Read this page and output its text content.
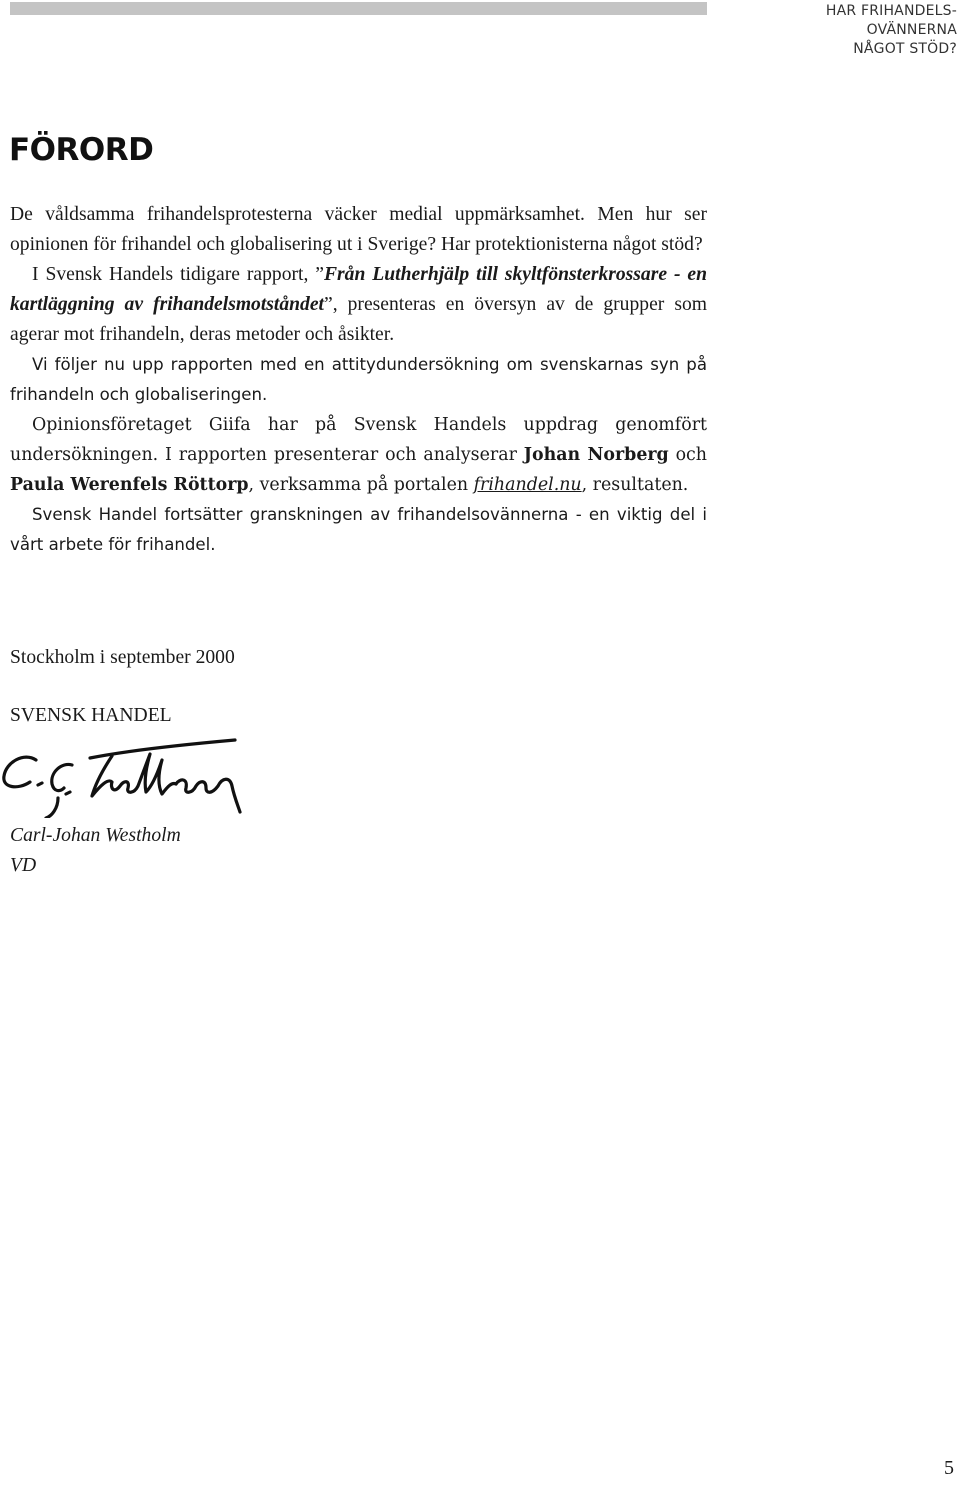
HAR FRIHANDELS-
OVÄNNERNA
NÅGOT STÖD?
FÖRORD

De våldsamma frihandelsprotesterna väcker medial uppmärksamhet. Men hur ser opinionen för frihandel och globalisering ut i Sverige? Har protektionisterna något stöd?

I Svensk Handels tidigare rapport, ”Från Lutherhjälp till skyltfönsterkrossare - en kartläggning av frihandelsmotståndet”, presenteras en översyn av de grupper som agerar mot frihandeln, deras metoder och åsikter.

Vi följer nu upp rapporten med en attitydundersökning om svenskarnas syn på frihandeln och globaliseringen.

Opinionsföretaget Giifa har på Svensk Handels uppdrag genomfört undersökningen. I rapporten presenterar och analyserar Johan Norberg och Paula Werenfels Röttorp, verksamma på portalen frihandel.nu, resultaten.

Svensk Handel fortsätter granskningen av frihandelsovännerna - en viktig del i vårt arbete för frihandel.

Stockholm i september 2000
SVENSK HANDEL
Carl-Johan Westholm
VD
5
